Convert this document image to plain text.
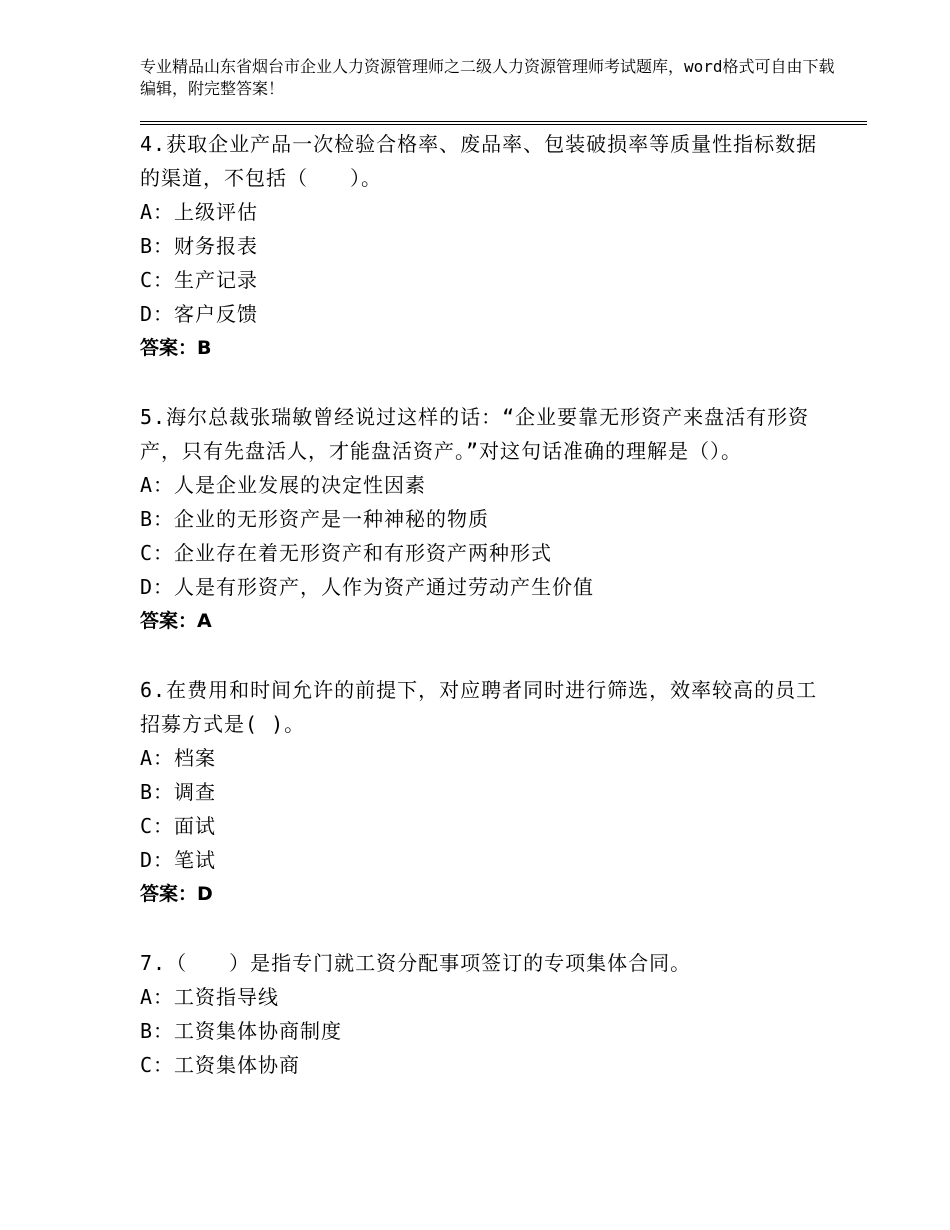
专业精品山东省烟台市企业人力资源管理师之二级人力资源管理师考试题库，word格式可自由下载编辑，附完整答案！

4.获取企业产品一次检验合格率、废品率、包装破损率等质量性指标数据的渠道，不包括（　　）。

A：上级评估

B：财务报表

C：生产记录

D：客户反馈

答案：B

5.海尔总裁张瑞敏曾经说过这样的话：“企业要靠无形资产来盘活有形资产，只有先盘活人，才能盘活资产。”对这句话准确的理解是（）。

A：人是企业发展的决定性因素

B：企业的无形资产是一种神秘的物质

C：企业存在着无形资产和有形资产两种形式

D：人是有形资产，人作为资产通过劳动产生价值

答案：A

6.在费用和时间允许的前提下，对应聘者同时进行筛选，效率较高的员工招募方式是( )。

A：档案

B：调查

C：面试

D：笔试

答案：D

7.（　　）是指专门就工资分配事项签订的专项集体合同。

A：工资指导线

B：工资集体协商制度

C：工资集体协商
